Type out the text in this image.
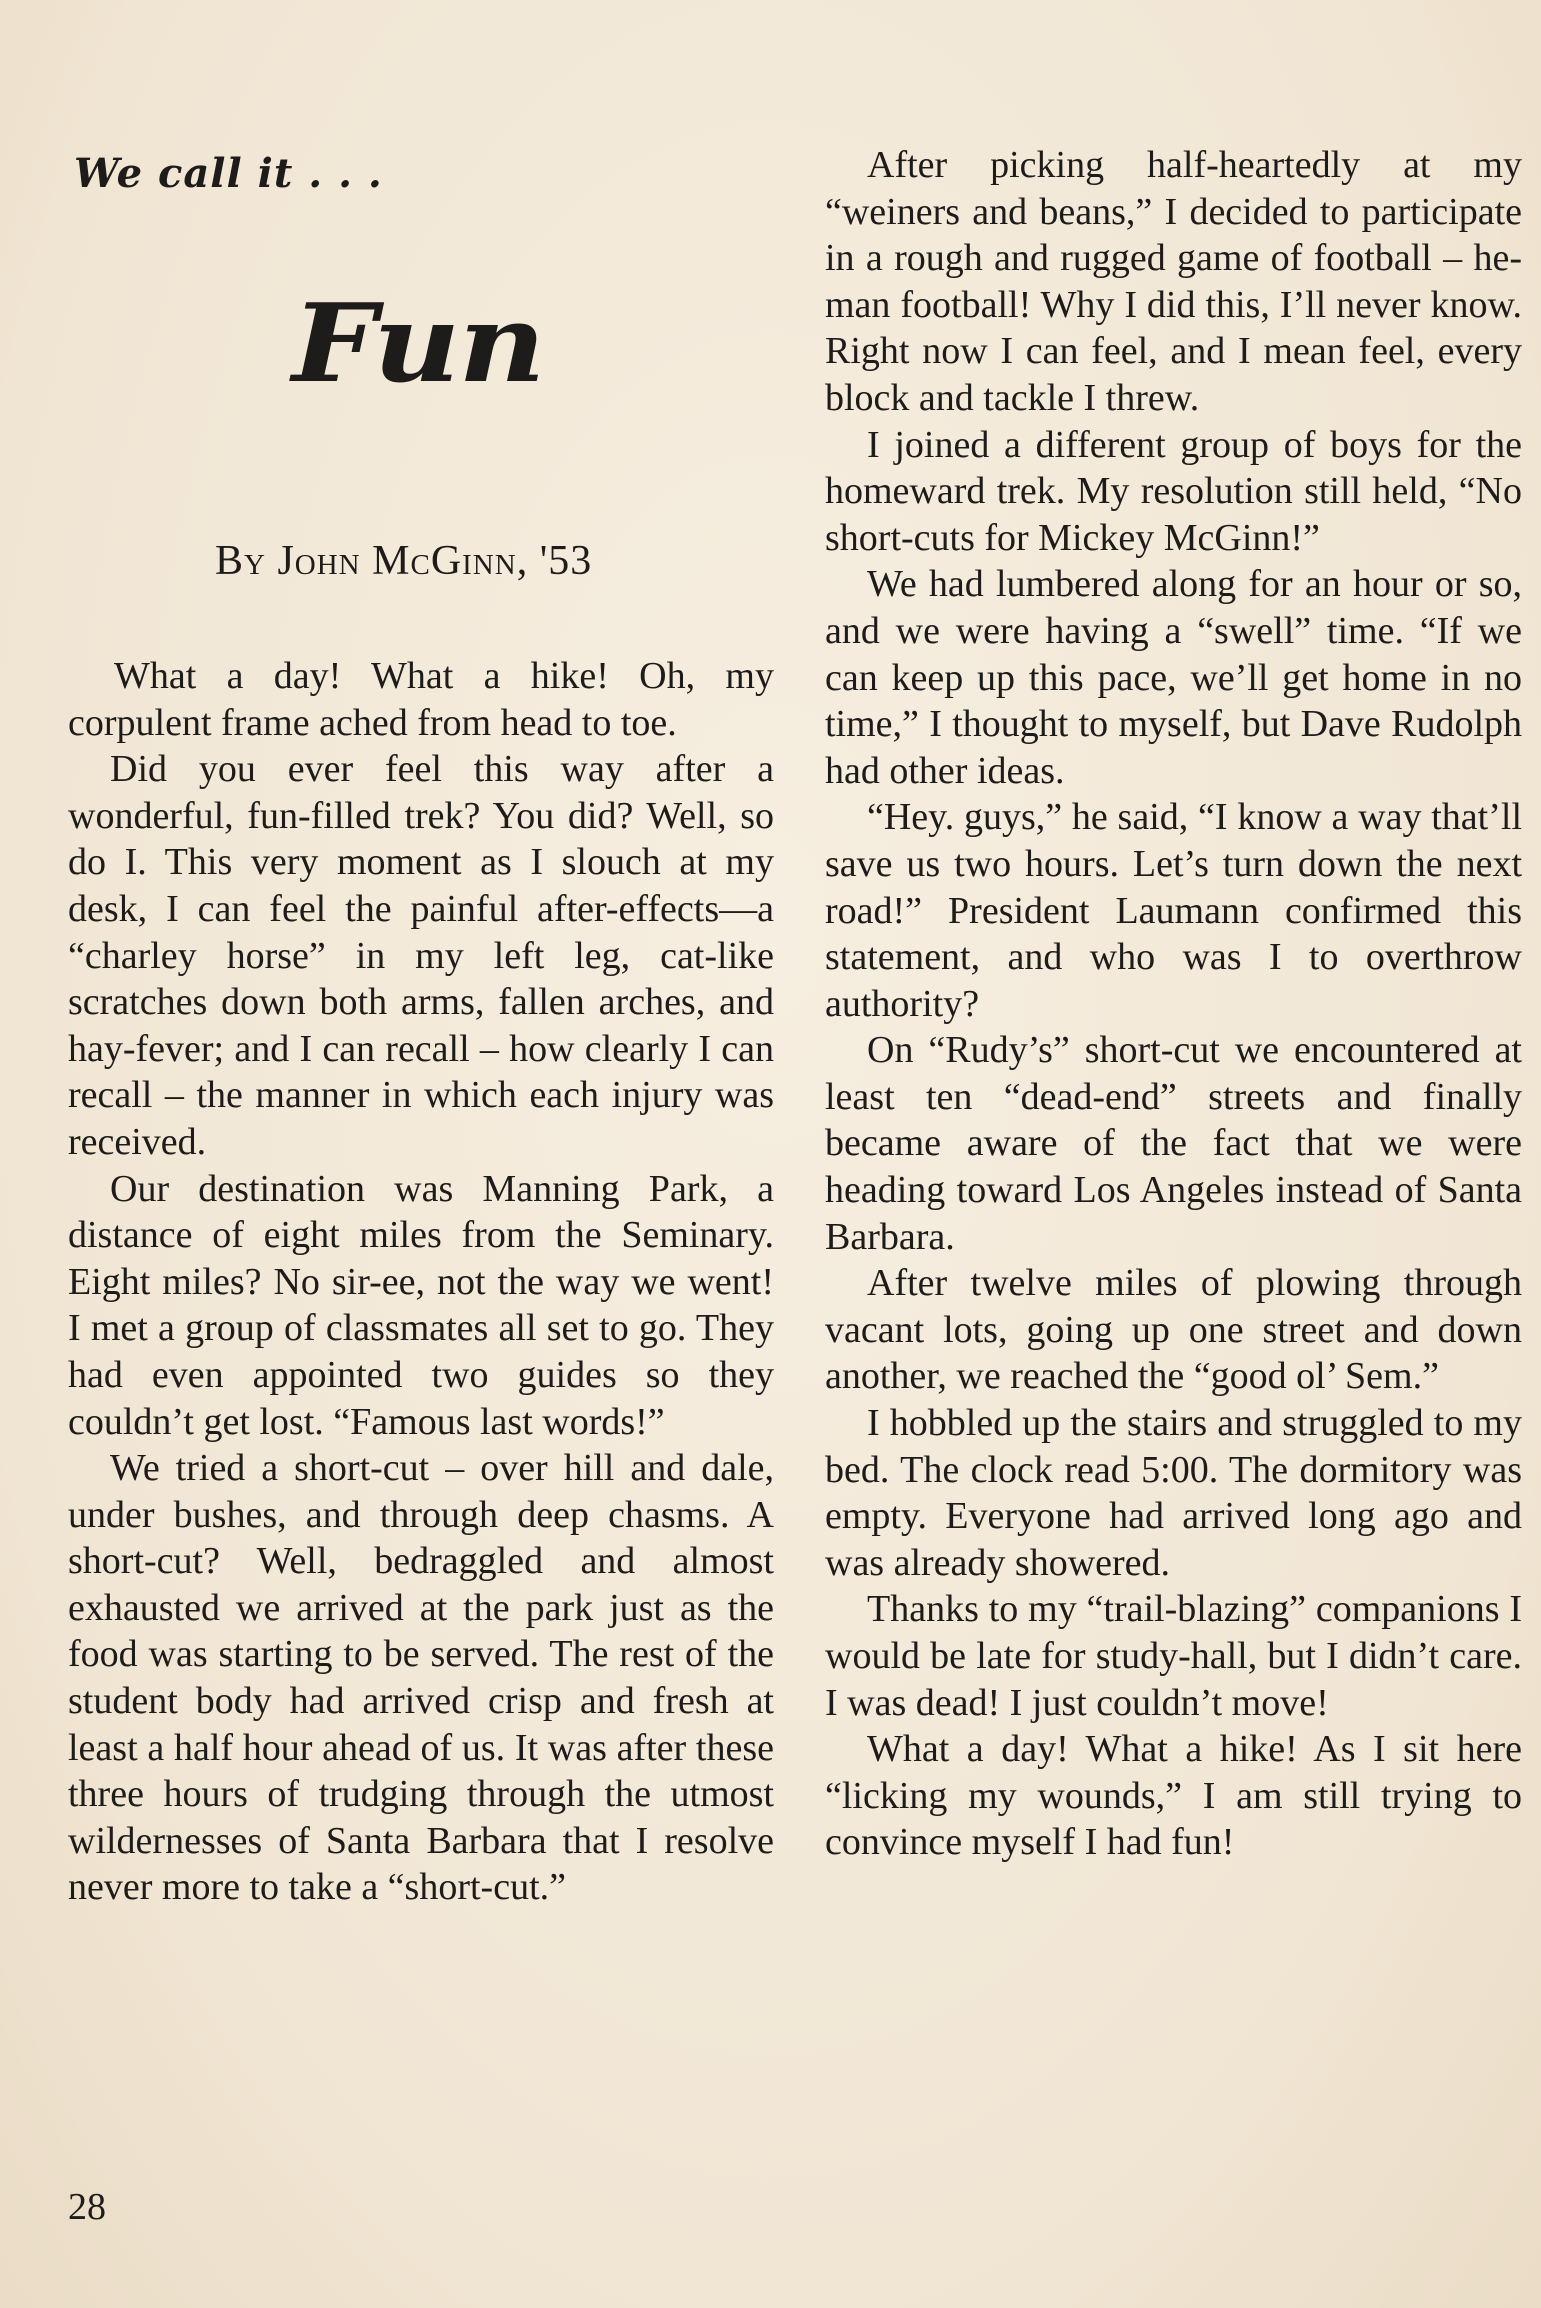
We call it . . .
Fun
By John McGinn, '53

What a day! What a hike! Oh, my corpulent frame ached from head to toe.

Did you ever feel this way after a wonderful, fun-filled trek? You did? Well, so do I. This very moment as I slouch at my desk, I can feel the painful after-effects—a “charley horse” in my left leg, cat-like scratches down both arms, fallen arches, and hay-fever; and I can recall – how clearly I can recall – the manner in which each injury was received.

Our destination was Manning Park, a distance of eight miles from the Seminary. Eight miles? No sir-ee, not the way we went! I met a group of classmates all set to go. They had even appointed two guides so they couldn’t get lost. “Famous last words!”

We tried a short-cut – over hill and dale, under bushes, and through deep chasms. A short-cut? Well, bedraggled and almost exhausted we arrived at the park just as the food was starting to be served. The rest of the student body had arrived crisp and fresh at least a half hour ahead of us. It was after these three hours of trudging through the utmost wildernesses of Santa Barbara that I resolve never more to take a “short-cut.”

After picking half-heartedly at my “weiners and beans,” I decided to participate in a rough and rugged game of football – he-man football! Why I did this, I’ll never know. Right now I can feel, and I mean feel, every block and tackle I threw.

I joined a different group of boys for the homeward trek. My resolution still held, “No short-cuts for Mickey McGinn!”

We had lumbered along for an hour or so, and we were having a “swell” time. “If we can keep up this pace, we’ll get home in no time,” I thought to myself, but Dave Rudolph had other ideas.

“Hey. guys,” he said, “I know a way that’ll save us two hours. Let’s turn down the next road!” President Laumann confirmed this statement, and who was I to overthrow authority?

On “Rudy’s” short-cut we encountered at least ten “dead-end” streets and finally became aware of the fact that we were heading toward Los Angeles instead of Santa Barbara.

After twelve miles of plowing through vacant lots, going up one street and down another, we reached the “good ol’ Sem.”

I hobbled up the stairs and struggled to my bed. The clock read 5:00. The dormitory was empty. Everyone had arrived long ago and was already showered.

Thanks to my “trail-blazing” companions I would be late for study-hall, but I didn’t care. I was dead! I just couldn’t move!

What a day! What a hike! As I sit here “licking my wounds,” I am still trying to convince myself I had fun!

28
